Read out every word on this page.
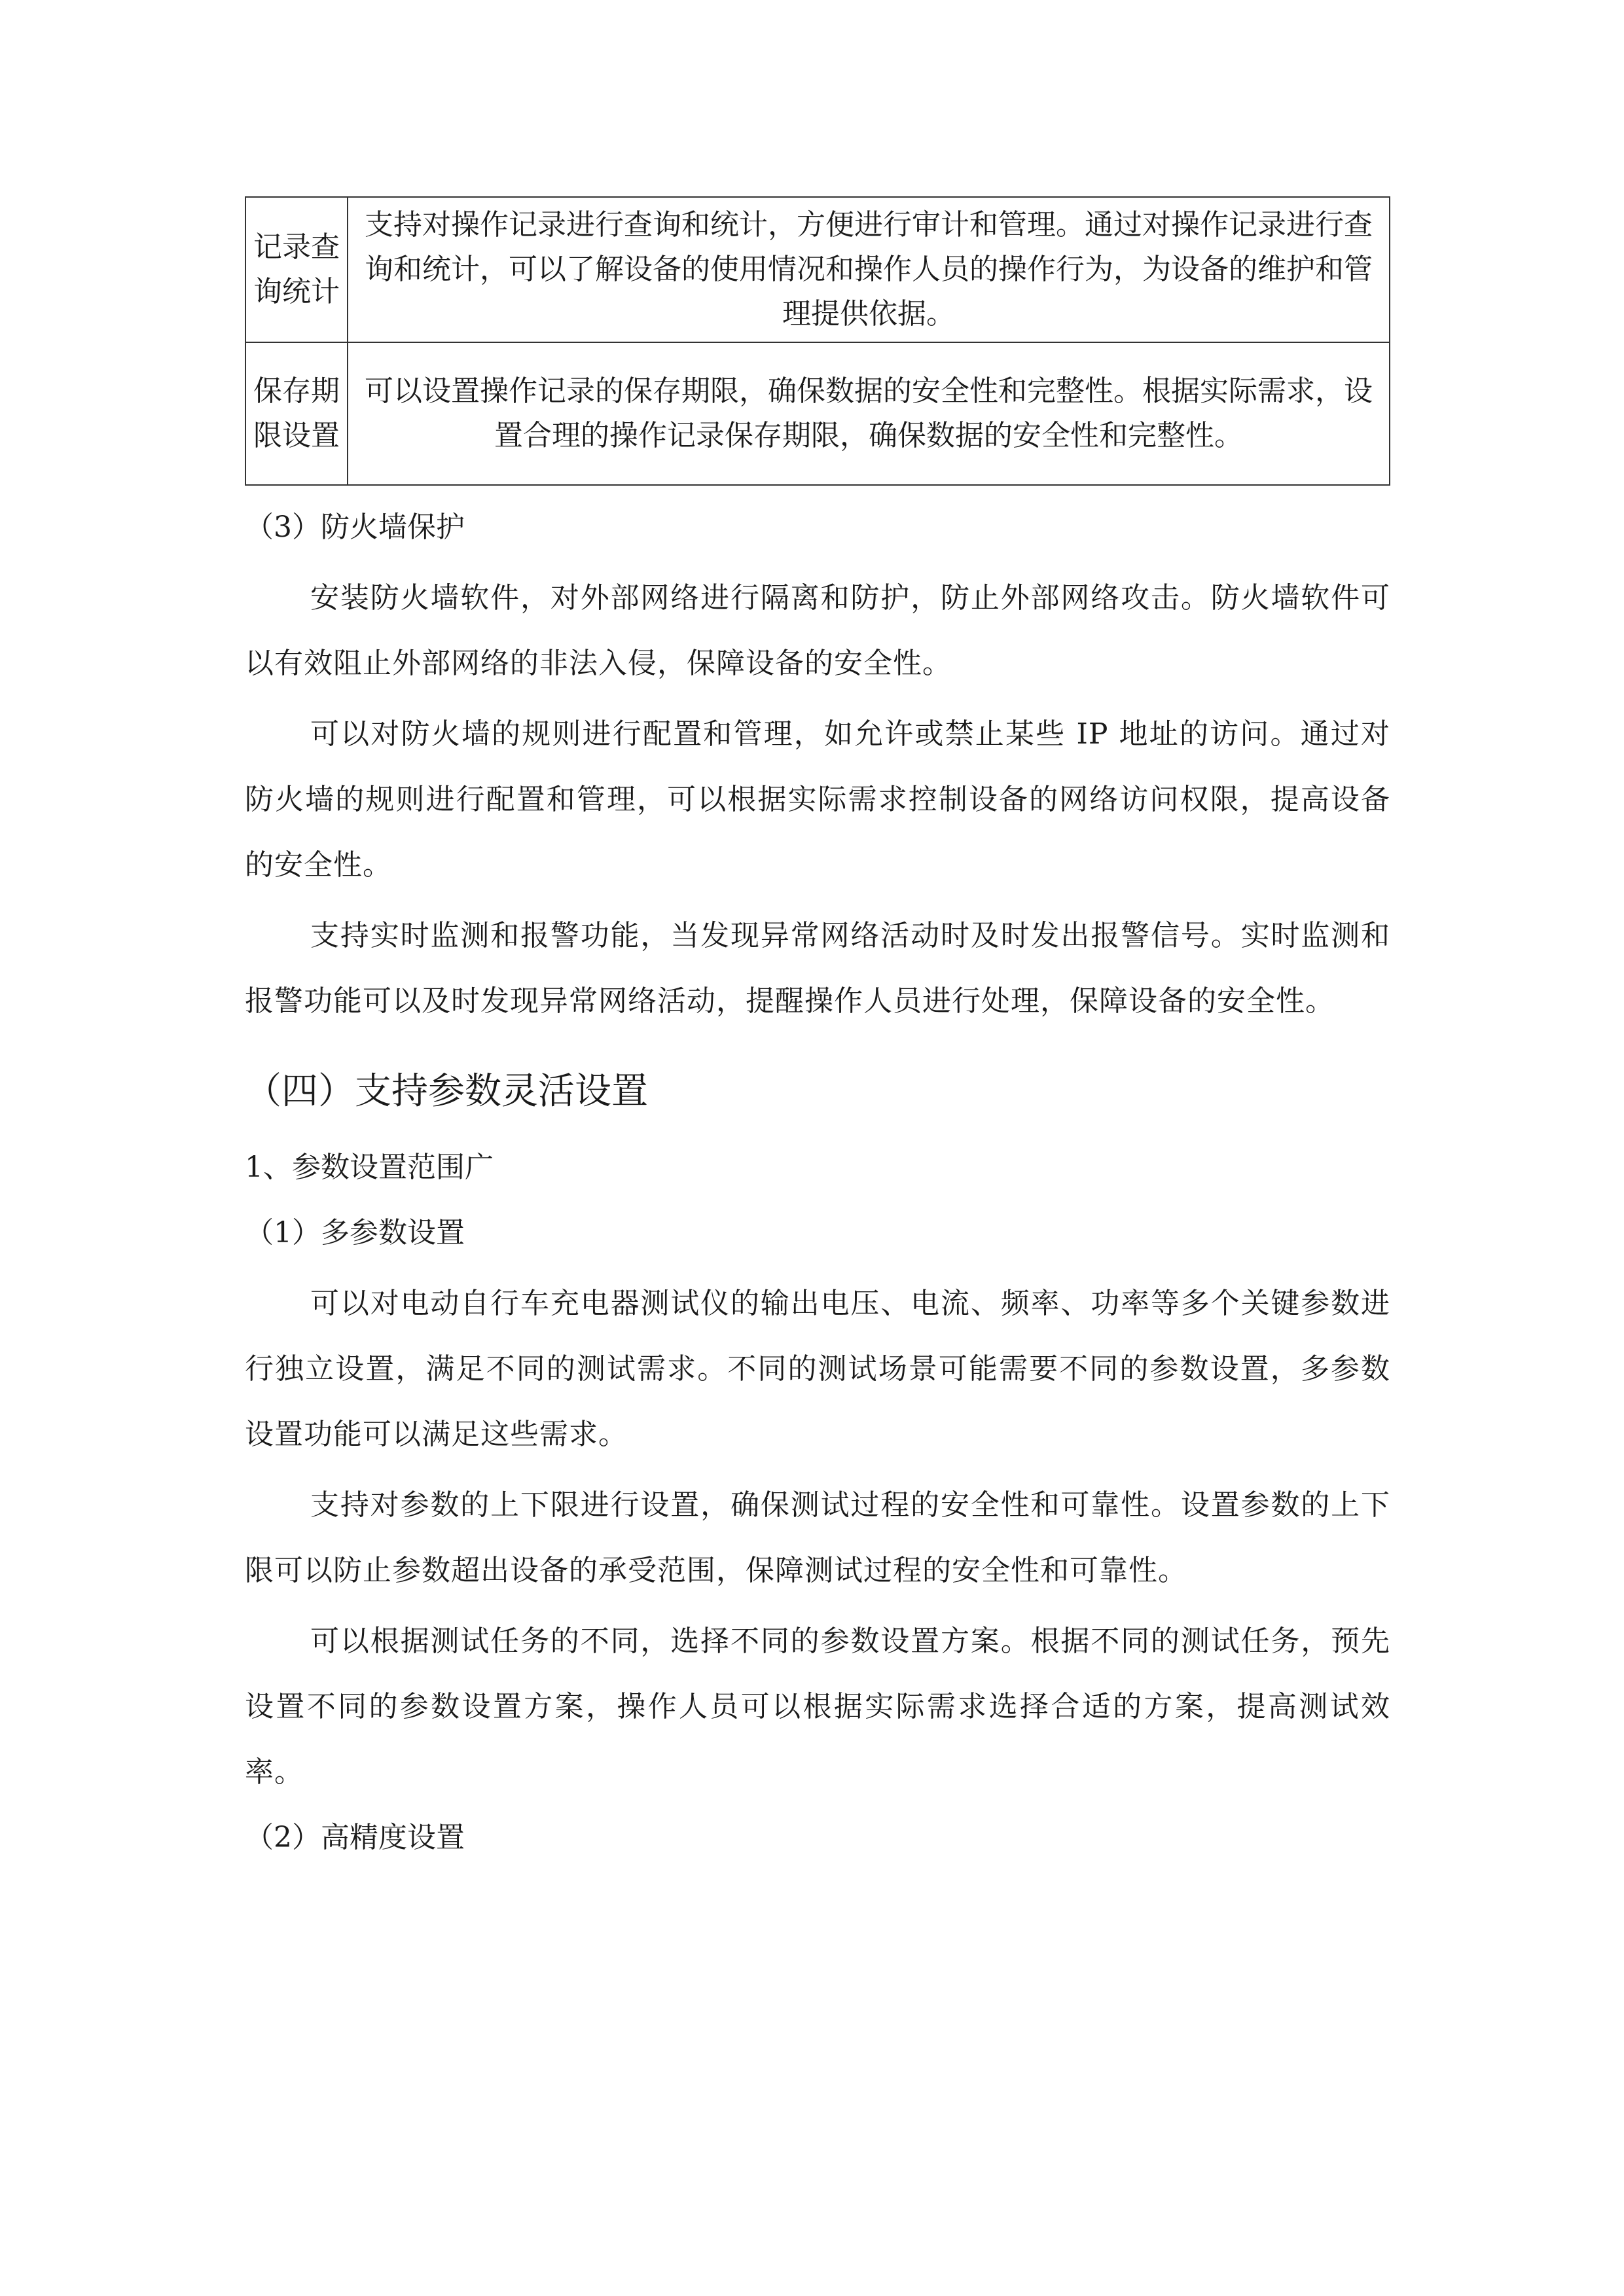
记录查询统计	支持对操作记录进行查询和统计，方便进行审计和管理。通过对操作记录进行查询和统计，可以了解设备的使用情况和操作人员的操作行为，为设备的维护和管理提供依据。
保存期限设置	可以设置操作记录的保存期限，确保数据的安全性和完整性。根据实际需求，设置合理的操作记录保存期限，确保数据的安全性和完整性。
（3）防火墙保护

安装防火墙软件，对外部网络进行隔离和防护，防止外部网络攻击。防火墙软件可以有效阻止外部网络的非法入侵，保障设备的安全性。

可以对防火墙的规则进行配置和管理，如允许或禁止某些 IP 地址的访问。通过对防火墙的规则进行配置和管理，可以根据实际需求控制设备的网络访问权限，提高设备的安全性。

支持实时监测和报警功能，当发现异常网络活动时及时发出报警信号。实时监测和报警功能可以及时发现异常网络活动，提醒操作人员进行处理，保障设备的安全性。

（四）支持参数灵活设置
1、参数设置范围广
（1）多参数设置

可以对电动自行车充电器测试仪的输出电压、电流、频率、功率等多个关键参数进行独立设置，满足不同的测试需求。不同的测试场景可能需要不同的参数设置，多参数设置功能可以满足这些需求。

支持对参数的上下限进行设置，确保测试过程的安全性和可靠性。设置参数的上下限可以防止参数超出设备的承受范围，保障测试过程的安全性和可靠性。

可以根据测试任务的不同，选择不同的参数设置方案。根据不同的测试任务，预先设置不同的参数设置方案，操作人员可以根据实际需求选择合适的方案，提高测试效率。

（2）高精度设置
